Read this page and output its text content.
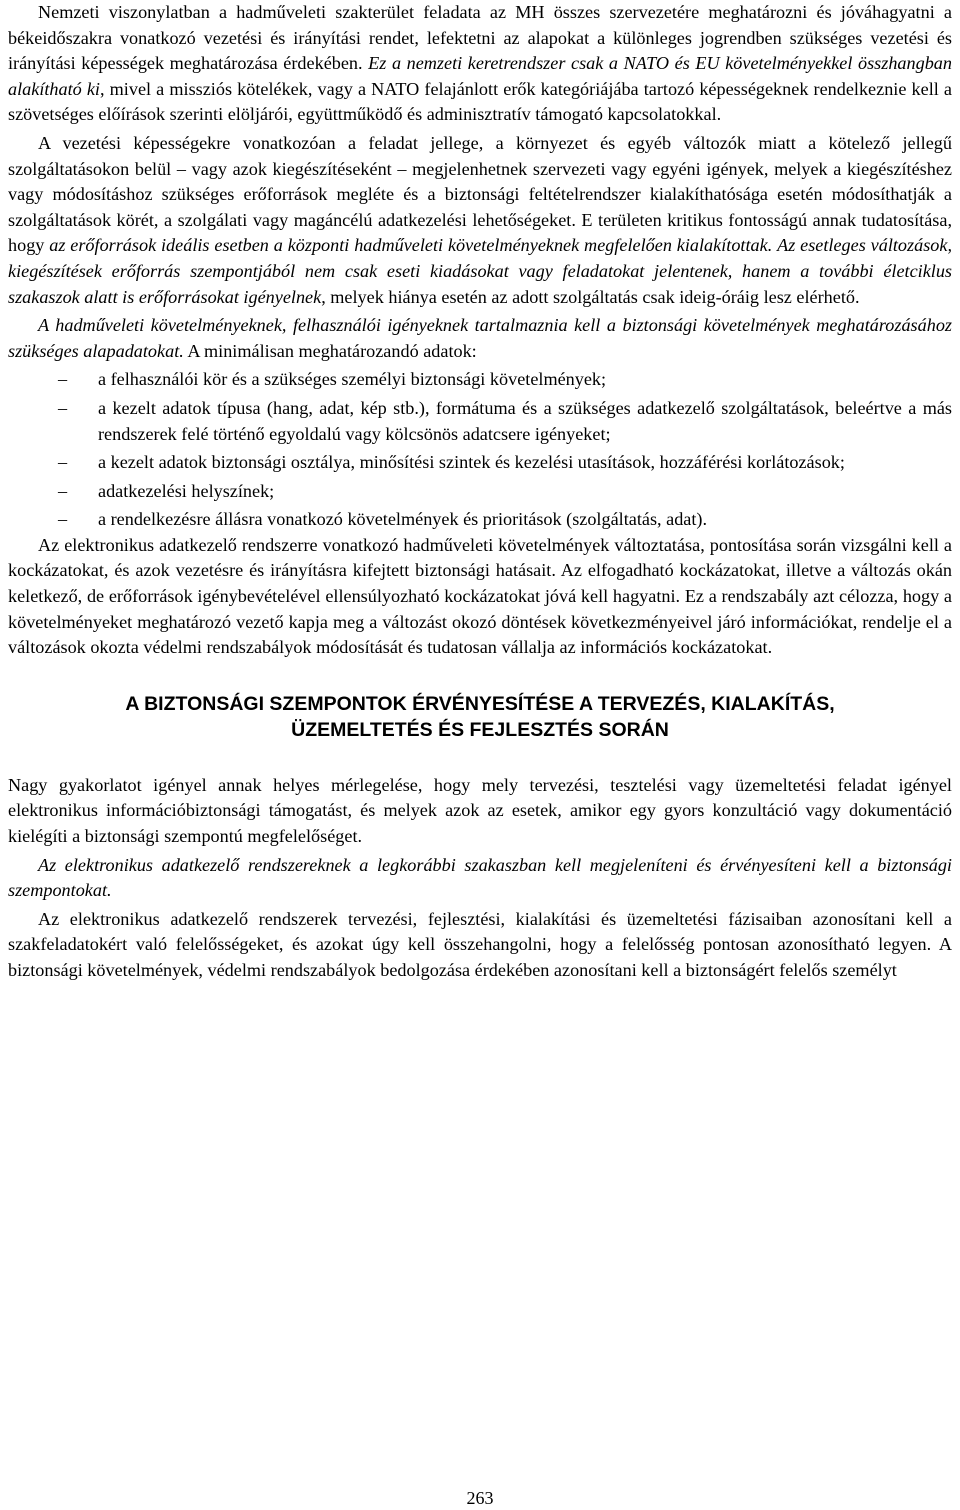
Nemzeti viszonylatban a hadműveleti szakterület feladata az MH összes szervezetére meghatározni és jóváhagyatni a békeidőszakra vonatkozó vezetési és irányítási rendet, lefektetni az alapokat a különleges jogrendben szükséges vezetési és irányítási képességek meghatározása érdekében. Ez a nemzeti keretrendszer csak a NATO és EU követelményekkel összhangban alakítható ki, mivel a missziós kötelékek, vagy a NATO felajánlott erők kategóriájába tartozó képességeknek rendelkeznie kell a szövetséges előírások szerinti elöljárói, együttműködő és adminisztratív támogató kapcsolatokkal.

A vezetési képességekre vonatkozóan a feladat jellege, a környezet és egyéb változók miatt a kötelező jellegű szolgáltatásokon belül – vagy azok kiegészítéseként – megjelenhetnek szervezeti vagy egyéni igények, melyek a kiegészítéshez vagy módosításhoz szükséges erőforrások megléte és a biztonsági feltételrendszer kialakíthatósága esetén módosíthatják a szolgáltatások körét, a szolgálati vagy magáncélú adatkezelési lehetőségeket. E területen kritikus fontosságú annak tudatosítása, hogy az erőforrások ideális esetben a központi hadműveleti követelményeknek megfelelően kialakítottak. Az esetleges változások, kiegészítések erőforrás szempontjából nem csak eseti kiadásokat vagy feladatokat jelentenek, hanem a további életciklus szakaszok alatt is erőforrásokat igényelnek, melyek hiánya esetén az adott szolgáltatás csak ideig-óráig lesz elérhető.

A hadműveleti követelményeknek, felhasználói igényeknek tartalmaznia kell a biztonsági követelmények meghatározásához szükséges alapadatokat. A minimálisan meghatározandó adatok:

– a felhasználói kör és a szükséges személyi biztonsági követelmények;
– a kezelt adatok típusa (hang, adat, kép stb.), formátuma és a szükséges adatkezelő szolgáltatások, beleértve a más rendszerek felé történő egyoldalú vagy kölcsönös adatcsere igényeket;
– a kezelt adatok biztonsági osztálya, minősítési szintek és kezelési utasítások, hozzáférési korlátozások;
– adatkezelési helyszínek;
– a rendelkezésre állásra vonatkozó követelmények és prioritások (szolgáltatás, adat).

Az elektronikus adatkezelő rendszerre vonatkozó hadműveleti követelmények változtatása, pontosítása során vizsgálni kell a kockázatokat, és azok vezetésre és irányításra kifejtett biztonsági hatásait. Az elfogadható kockázatokat, illetve a változás okán keletkező, de erőforrások igénybevételével ellensúlyozható kockázatokat jóvá kell hagyatni. Ez a rendszabály azt célozza, hogy a követelményeket meghatározó vezető kapja meg a változást okozó döntések következményeivel járó információkat, rendelje el a változások okozta védelmi rendszabályok módosítását és tudatosan vállalja az információs kockázatokat.

A BIZTONSÁGI SZEMPONTOK ÉRVÉNYESÍTÉSE A TERVEZÉS, KIALAKÍTÁS,
ÜZEMELTETÉS ÉS FEJLESZTÉS SORÁN

Nagy gyakorlatot igényel annak helyes mérlegelése, hogy mely tervezési, tesztelési vagy üzemeltetési feladat igényel elektronikus információbiztonsági támogatást, és melyek azok az esetek, amikor egy gyors konzultáció vagy dokumentáció kielégíti a biztonsági szempontú megfelelőséget.

Az elektronikus adatkezelő rendszereknek a legkorábbi szakaszban kell megjeleníteni és érvényesíteni kell a biztonsági szempontokat.

Az elektronikus adatkezelő rendszerek tervezési, fejlesztési, kialakítási és üzemeltetési fázisaiban azonosítani kell a szakfeladatokért való felelősségeket, és azokat úgy kell összehangolni, hogy a felelősség pontosan azonosítható legyen. A biztonsági követelmények, védelmi rendszabályok bedolgozása érdekében azonosítani kell a biztonságért felelős személyt

263
